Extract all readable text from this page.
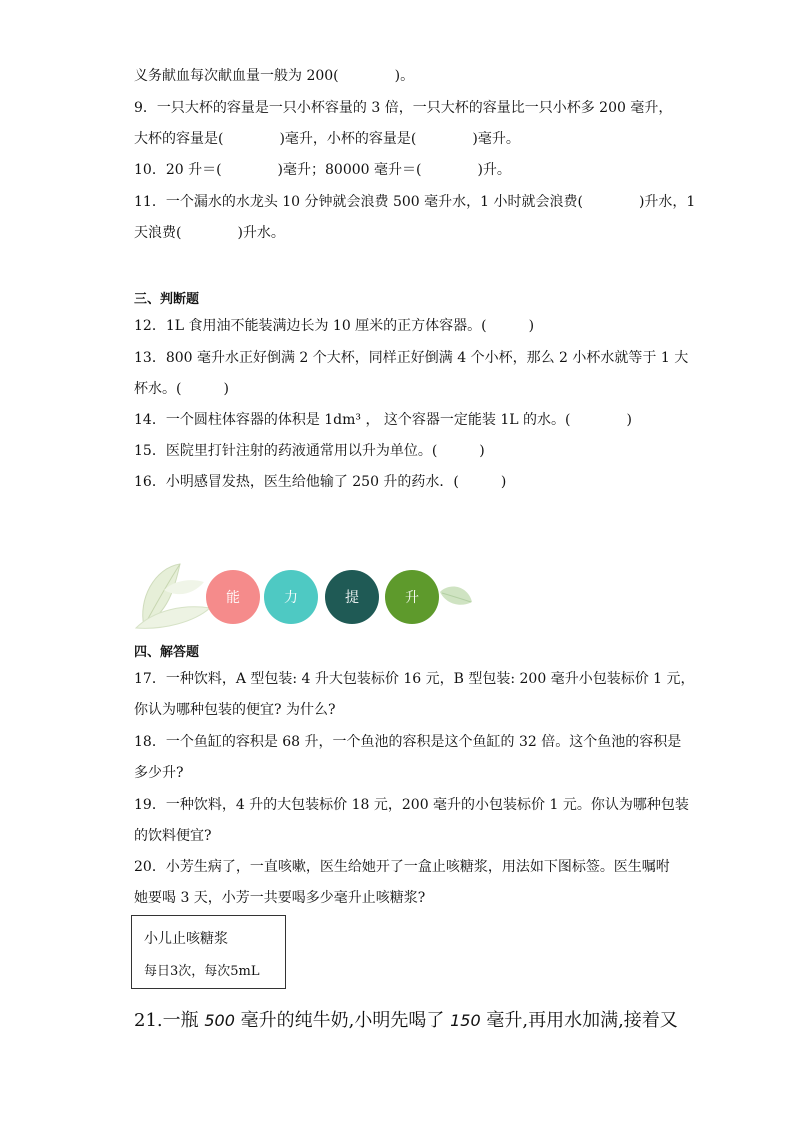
义务献血每次献血量一般为 200(　　　　)。
9．一只大杯的容量是一只小杯容量的 3 倍，一只大杯的容量比一只小杯多 200 毫升，
大杯的容量是(　　　　)毫升，小杯的容量是(　　　　)毫升。
10．20 升＝(　　　　)毫升；80000 毫升＝(　　　　)升。
11．一个漏水的水龙头 10 分钟就会浪费 500 毫升水，1 小时就会浪费(　　　　)升水，1
天浪费(　　　　)升水。
三、判断题
12．1L 食用油不能装满边长为 10 厘米的正方体容器。(　　　)
13．800 毫升水正好倒满 2 个大杯，同样正好倒满 4 个小杯，那么 2 小杯水就等于 1 大
杯水。(　　　)
14．一个圆柱体容器的体积是 1dm³ ， 这个容器一定能装 1L 的水。(　　　　)
15．医院里打针注射的药液通常用以升为单位。(　　　)
16．小明感冒发热，医生给他输了 250 升的药水．(　　　)
能	力	提	升
四、解答题
17．一种饮料，A 型包装: 4 升大包装标价 16 元，B 型包装: 200 毫升小包装标价 1 元，
你认为哪种包装的便宜? 为什么?
18．一个鱼缸的容积是 68 升，一个鱼池的容积是这个鱼缸的 32 倍。这个鱼池的容积是
多少升?
19．一种饮料，4 升的大包装标价 18 元，200 毫升的小包装标价 1 元。你认为哪种包装
的饮料便宜?
20．小芳生病了，一直咳嗽，医生给她开了一盒止咳糖浆，用法如下图标签。医生嘱咐
她要喝 3 天，小芳一共要喝多少毫升止咳糖浆?
小儿止咳糖浆
每日3次，每次5mL
21.一瓶 500 毫升的纯牛奶,小明先喝了 150 毫升,再用水加满,接着又
